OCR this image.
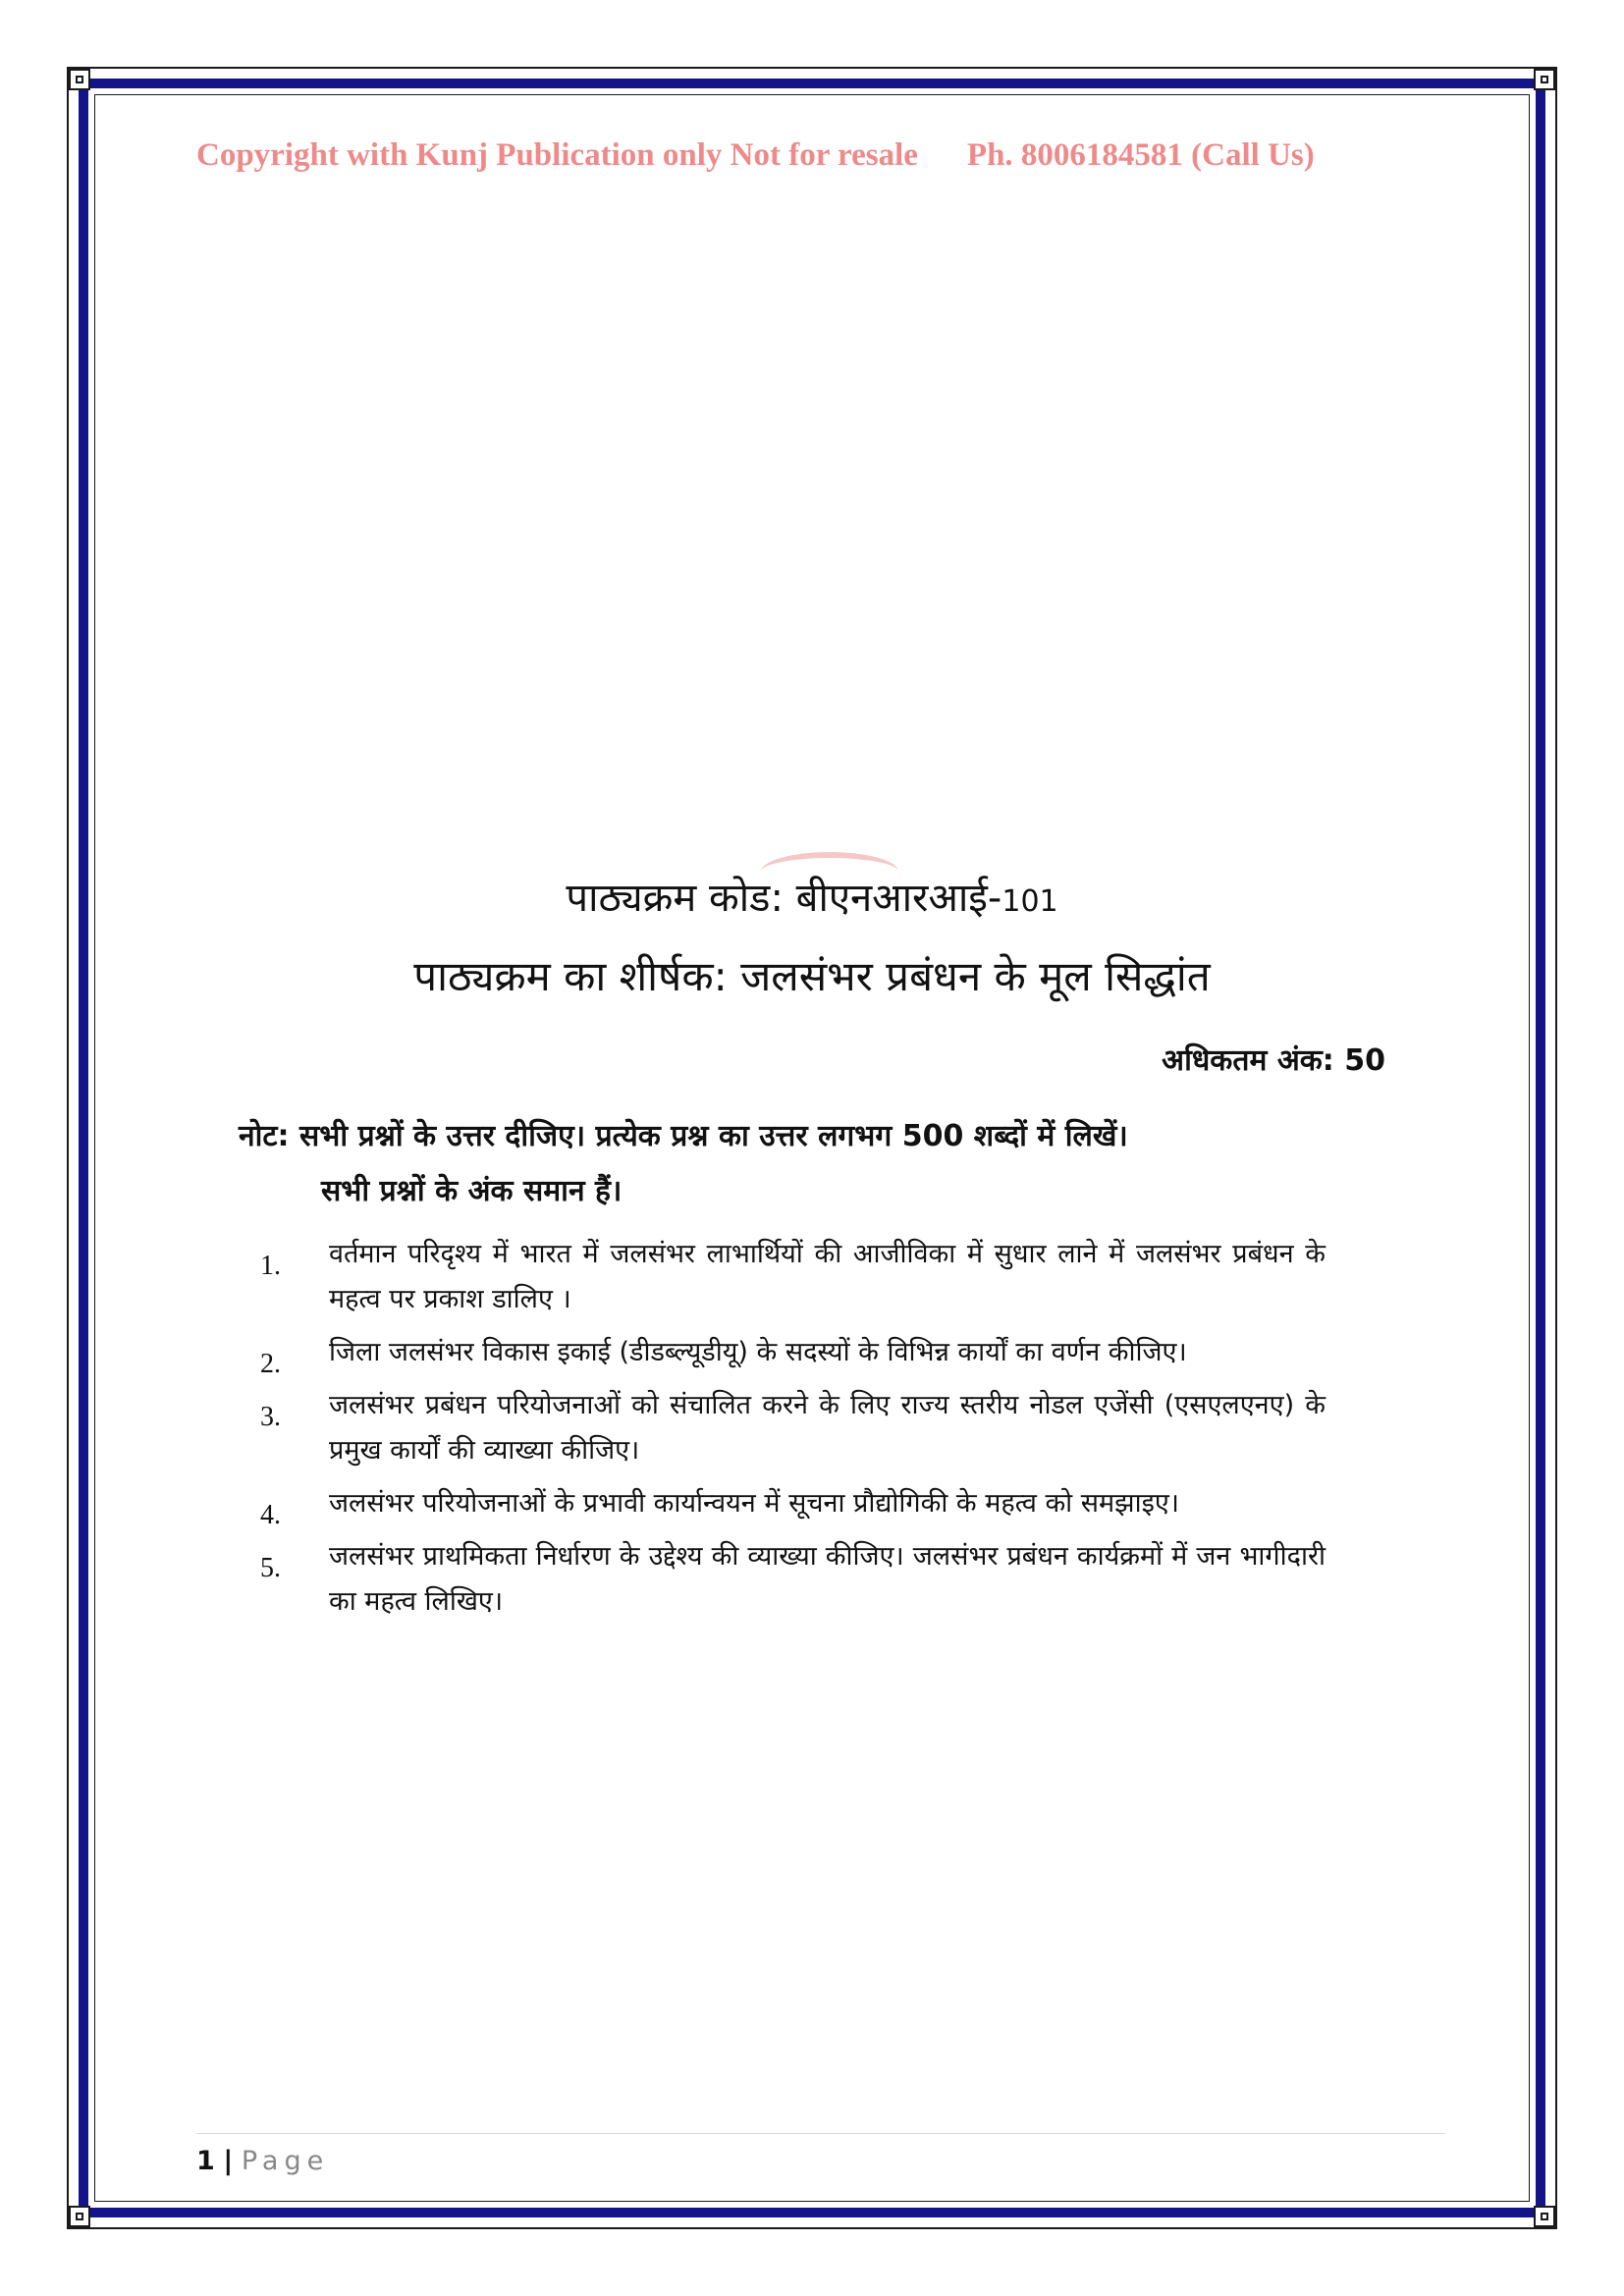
Copyright with Kunj Publication only Not for resale Ph. 8006184581 (Call Us)
पाठ्यक्रम कोड: बीएनआरआई-101
पाठ्यक्रम का शीर्षक: जलसंभर प्रबंधन के मूल सिद्धांत
अधिकतम अंक: 50
नोट: सभी प्रश्नों के उत्तर दीजिए। प्रत्येक प्रश्न का उत्तर लगभग 500 शब्दों में लिखें।
सभी प्रश्नों के अंक समान हैं।
1. वर्तमान परिदृश्य में भारत में जलसंभर लाभार्थियों की आजीविका में सुधार लाने में जलसंभर प्रबंधन के महत्व पर प्रकाश डालिए ।
2. जिला जलसंभर विकास इकाई (डीडब्ल्यूडीयू) के सदस्यों के विभिन्न कार्यों का वर्णन कीजिए।
3. जलसंभर प्रबंधन परियोजनाओं को संचालित करने के लिए राज्य स्तरीय नोडल एजेंसी (एसएलएनए) के प्रमुख कार्यों की व्याख्या कीजिए।
4. जलसंभर परियोजनाओं के प्रभावी कार्यान्वयन में सूचना प्रौद्योगिकी के महत्व को समझाइए।
5. जलसंभर प्राथमिकता निर्धारण के उद्देश्य की व्याख्या कीजिए। जलसंभर प्रबंधन कार्यक्रमों में जन भागीदारी का महत्व लिखिए।
1 | Page
